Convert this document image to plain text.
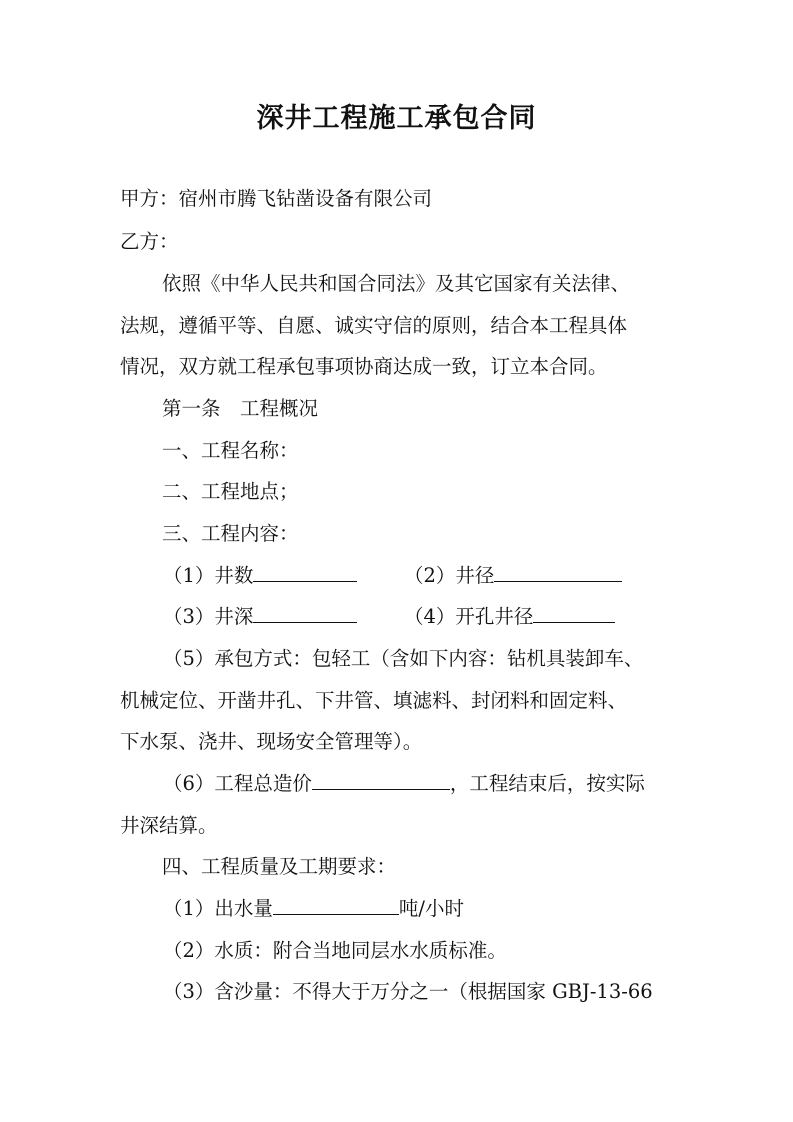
深井工程施工承包合同
甲方：宿州市腾飞钻凿设备有限公司
乙方：
依照《中华人民共和国合同法》及其它国家有关法律、
法规，遵循平等、自愿、诚实守信的原则，结合本工程具体
情况，双方就工程承包事项协商达成一致，订立本合同。
第一条　工程概况
一、工程名称：
二、工程地点；
三、工程内容：
（1）井数	（2）井径
（3）井深	（4）开孔井径
（5）承包方式：包轻工（含如下内容：钻机具装卸车、
机械定位、开凿井孔、下井管、填滤料、封闭料和固定料、
下水泵、浇井、现场安全管理等）。
（6）工程总造价	，工程结束后，按实际
井深结算。
四、工程质量及工期要求：
（1）出水量	吨/小时
（2）水质：附合当地同层水水质标准。
（3）含沙量：不得大于万分之一（根据国家 GBJ-13-66
